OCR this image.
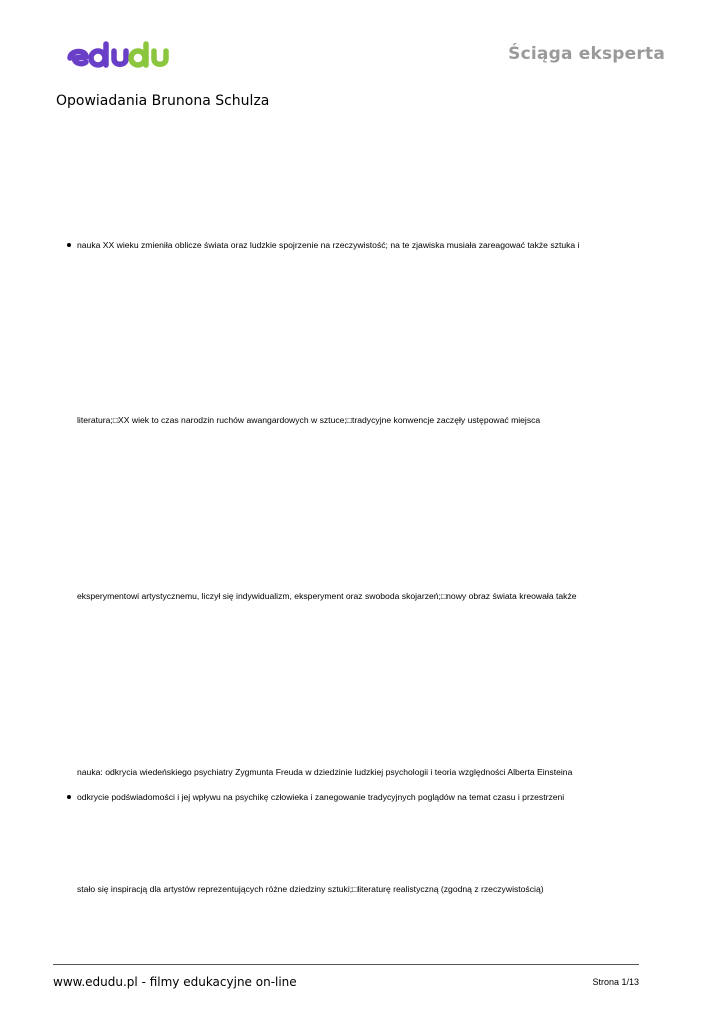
Ściąga eksperta
Opowiadania Brunona Schulza
nauka XX wieku zmieniła oblicze świata oraz ludzkie spojrzenie na rzeczywistość; na te zjawiska musiała zareagować także sztuka i
literatura;□XX wiek to czas narodzin ruchów awangardowych w sztuce;□tradycyjne konwencje zaczęły ustępować miejsca
eksperymentowi artystycznemu, liczył się indywidualizm, eksperyment oraz swoboda skojarzeń;□nowy obraz świata kreowała także
nauka: odkrycia wiedeńskiego psychiatry Zygmunta Freuda w dziedzinie ludzkiej psychologii i teoria względności Alberta Einsteina
odkrycie podświadomości i jej wpływu na psychikę człowieka i zanegowanie tradycyjnych poglądów na temat czasu i przestrzeni
stało się inspiracją dla artystów reprezentujących różne dziedziny sztuki;□literaturę realistyczną (zgodną z rzeczywistością)
www.edudu.pl - filmy edukacyjne on-line	Strona 1/13
